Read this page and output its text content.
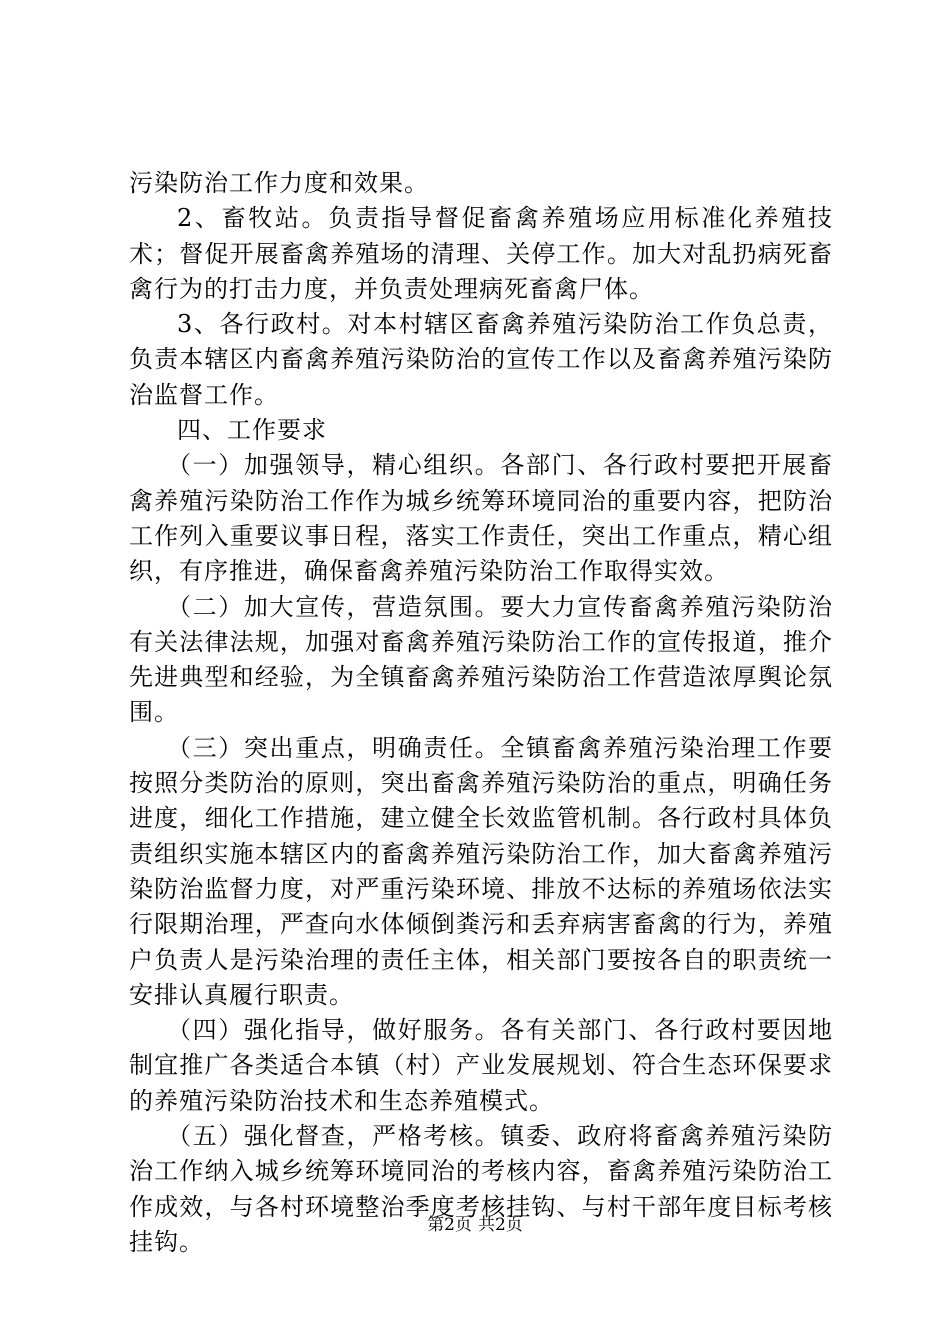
污染防治工作力度和效果。

2、畜牧站。负责指导督促畜禽养殖场应用标准化养殖技术；督促开展畜禽养殖场的清理、关停工作。加大对乱扔病死畜禽行为的打击力度，并负责处理病死畜禽尸体。

3、各行政村。对本村辖区畜禽养殖污染防治工作负总责，负责本辖区内畜禽养殖污染防治的宣传工作以及畜禽养殖污染防治监督工作。

四、工作要求

（一）加强领导，精心组织。各部门、各行政村要把开展畜禽养殖污染防治工作作为城乡统筹环境同治的重要内容，把防治工作列入重要议事日程，落实工作责任，突出工作重点，精心组织，有序推进，确保畜禽养殖污染防治工作取得实效。

（二）加大宣传，营造氛围。要大力宣传畜禽养殖污染防治有关法律法规，加强对畜禽养殖污染防治工作的宣传报道，推介先进典型和经验，为全镇畜禽养殖污染防治工作营造浓厚舆论氛围。

（三）突出重点，明确责任。全镇畜禽养殖污染治理工作要按照分类防治的原则，突出畜禽养殖污染防治的重点，明确任务进度，细化工作措施，建立健全长效监管机制。各行政村具体负责组织实施本辖区内的畜禽养殖污染防治工作，加大畜禽养殖污染防治监督力度，对严重污染环境、排放不达标的养殖场依法实行限期治理，严查向水体倾倒粪污和丢弃病害畜禽的行为，养殖户负责人是污染治理的责任主体，相关部门要按各自的职责统一安排认真履行职责。

（四）强化指导，做好服务。各有关部门、各行政村要因地制宜推广各类适合本镇（村）产业发展规划、符合生态环保要求的养殖污染防治技术和生态养殖模式。

（五）强化督查，严格考核。镇委、政府将畜禽养殖污染防治工作纳入城乡统筹环境同治的考核内容，畜禽养殖污染防治工作成效，与各村环境整治季度考核挂钩、与村干部年度目标考核挂钩。

第2页 共2页
